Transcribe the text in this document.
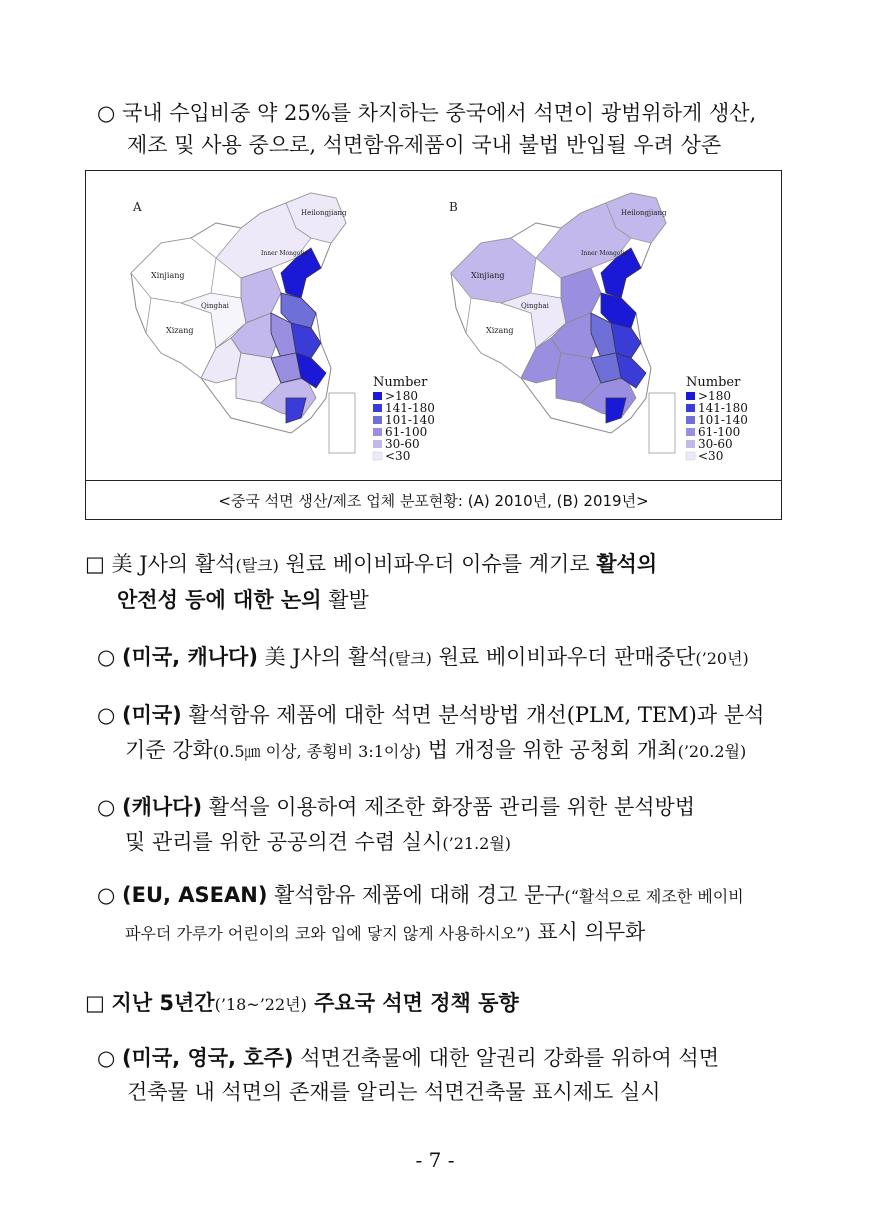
○ 국내 수입비중 약 25%를 차지하는 중국에서 석면이 광범위하게 생산,
제조 및 사용 중으로, 석면함유제품이 국내 불법 반입될 우려 상존
A
Xinjiang
Xizang
Qinghai
Heilongjiang
Inner Mongolia
Number
>180
141-180
101-140
61-100
30-60
<30
B
Xinjiang
Xizang
Qinghai
Heilongjiang
Inner Mongolia
Number
>180
141-180
101-140
61-100
30-60
<30
<중국 석면 생산/제조 업체 분포현황: (A) 2010년, (B) 2019년>
□ 美 J사의 활석(탈크) 원료 베이비파우더 이슈를 계기로 활석의
안전성 등에 대한 논의 활발
○ (미국, 캐나다) 美 J사의 활석(탈크) 원료 베이비파우더 판매중단(’20년)
○ (미국) 활석함유 제품에 대한 석면 분석방법 개선(PLM, TEM)과 분석
기준 강화(0.5㎛ 이상, 종횡비 3:1이상) 법 개정을 위한 공청회 개최(’20.2월)
○ (캐나다) 활석을 이용하여 제조한 화장품 관리를 위한 분석방법
및 관리를 위한 공공의견 수렴 실시(’21.2월)
○ (EU, ASEAN) 활석함유 제품에 대해 경고 문구(“활석으로 제조한 베이비
파우더 가루가 어린이의 코와 입에 닿지 않게 사용하시오”) 표시 의무화
□ 지난 5년간(’18~’22년) 주요국 석면 정책 동향
○ (미국, 영국, 호주) 석면건축물에 대한 알권리 강화를 위하여 석면
건축물 내 석면의 존재를 알리는 석면건축물 표시제도 실시
- 7 -
